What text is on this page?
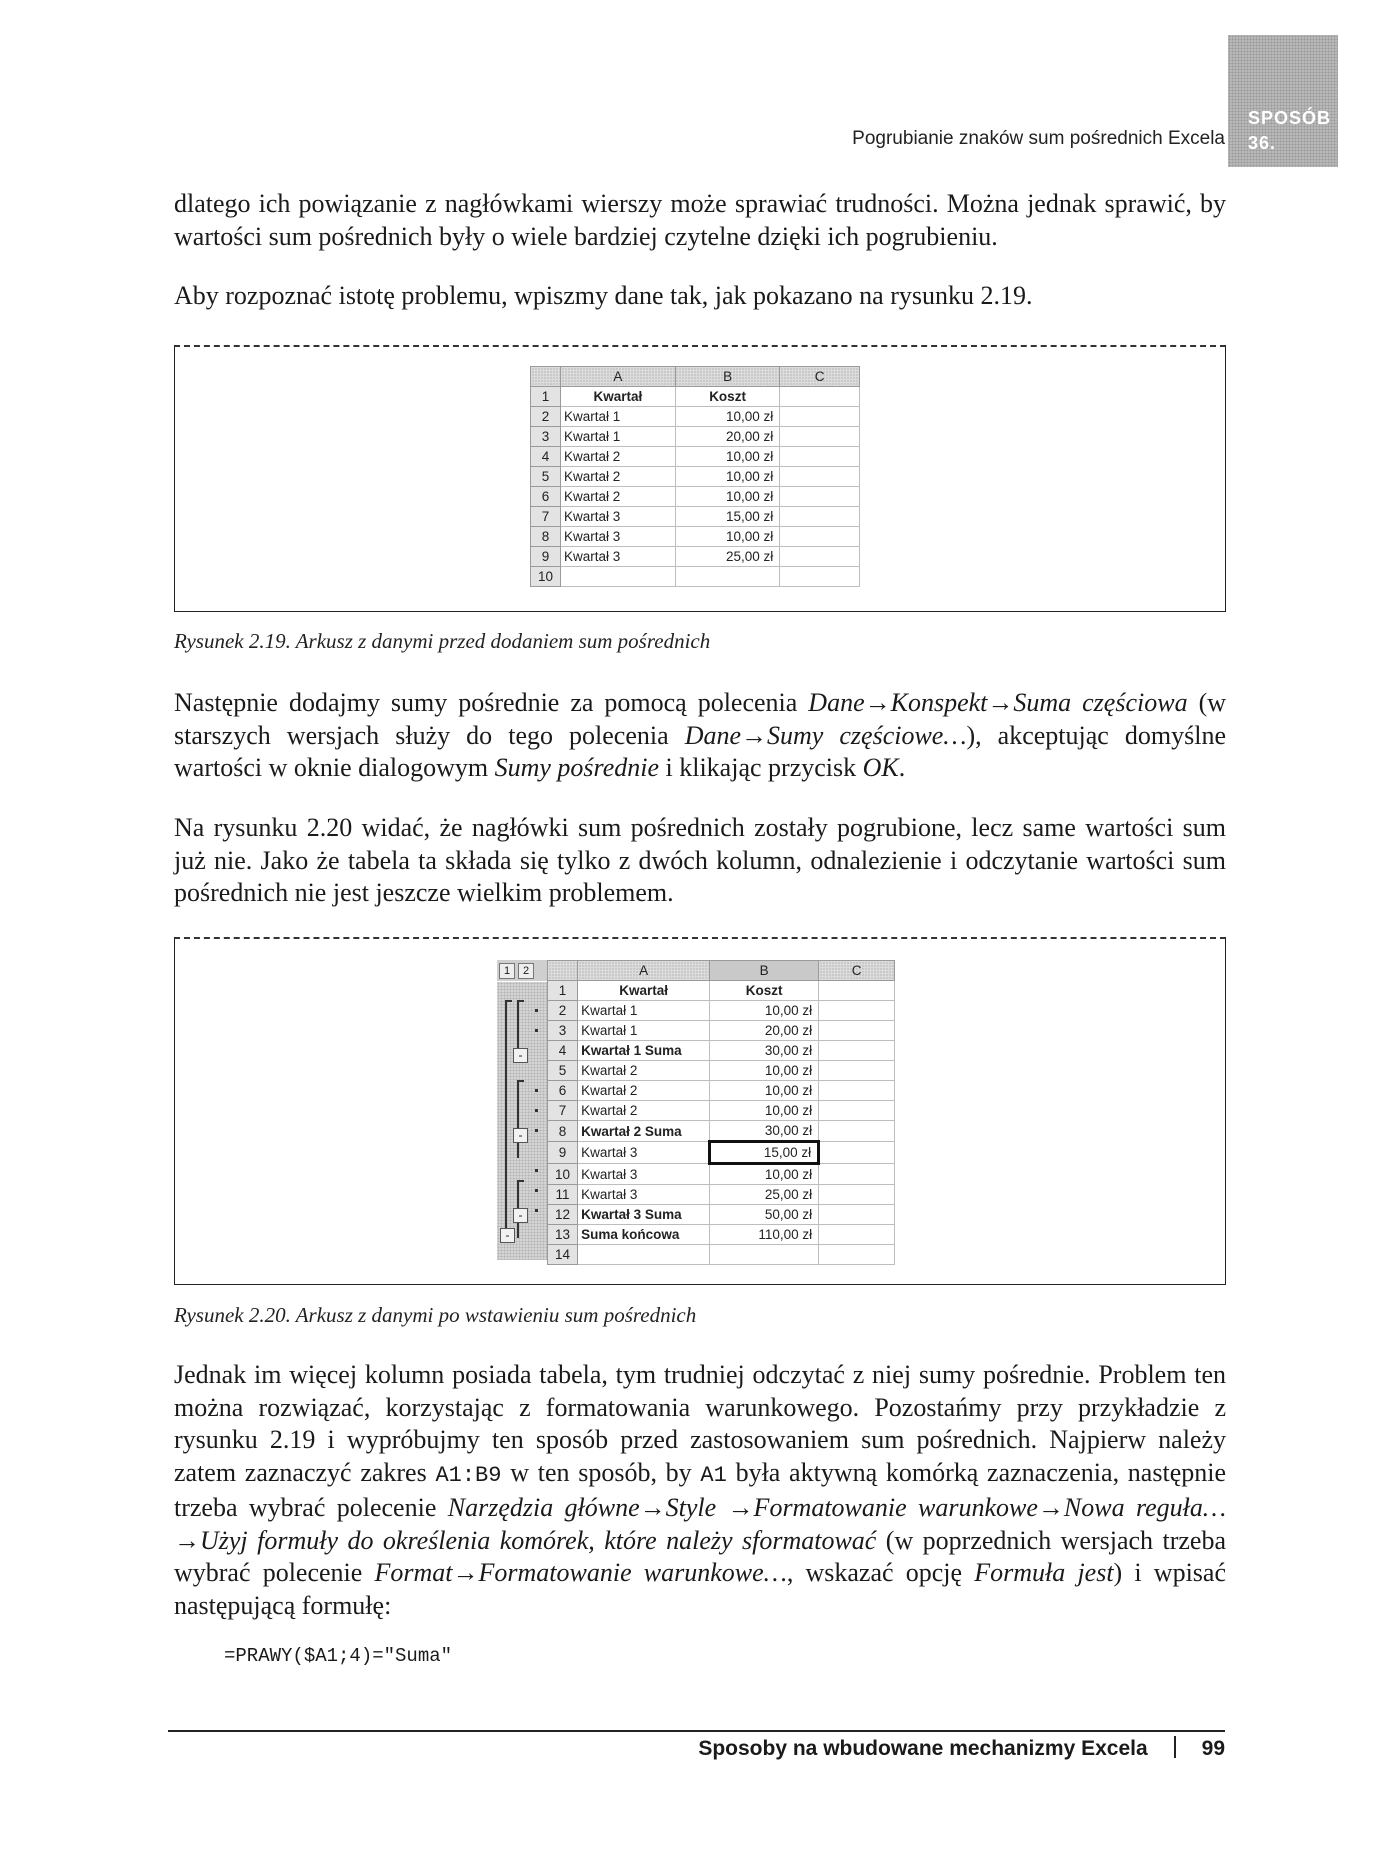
SPOSÓB
36.
Pogrubianie znaków sum pośrednich Excela

dlatego ich powiązanie z nagłówkami wierszy może sprawiać trudności. Można jednak sprawić, by wartości sum pośrednich były o wiele bardziej czytelne dzięki ich pogrubieniu.

Aby rozpoznać istotę problemu, wpiszmy dane tak, jak pokazano na rysunku 2.19.

	A	B	C
1	Kwartał	Koszt	
2	Kwartał 1	10,00 zł	
3	Kwartał 1	20,00 zł	
4	Kwartał 2	10,00 zł	
5	Kwartał 2	10,00 zł	
6	Kwartał 2	10,00 zł	
7	Kwartał 3	15,00 zł	
8	Kwartał 3	10,00 zł	
9	Kwartał 3	25,00 zł	
10			
Rysunek 2.19. Arkusz z danymi przed dodaniem sum pośrednich

Następnie dodajmy sumy pośrednie za pomocą polecenia Dane→Konspekt→Suma częściowa (w starszych wersjach służy do tego polecenia Dane→Sumy częściowe…), akceptując domyślne wartości w oknie dialogowym Sumy pośrednie i klikając przycisk OK.

Na rysunku 2.20 widać, że nagłówki sum pośrednich zostały pogrubione, lecz same wartości sum już nie. Jako że tabela ta składa się tylko z dwóch kolumn, odnalezienie i odczytanie wartości sum pośrednich nie jest jeszcze wielkim problemem.

1 2
-
-
-
-
	A	B	C
1	Kwartał	Koszt	
2	Kwartał 1	10,00 zł	
3	Kwartał 1	20,00 zł	
4	Kwartał 1 Suma	30,00 zł	
5	Kwartał 2	10,00 zł	
6	Kwartał 2	10,00 zł	
7	Kwartał 2	10,00 zł	
8	Kwartał 2 Suma	30,00 zł	
9	Kwartał 3	15,00 zł	
10	Kwartał 3	10,00 zł	
11	Kwartał 3	25,00 zł	
12	Kwartał 3 Suma	50,00 zł	
13	Suma końcowa	110,00 zł	
14			
Rysunek 2.20. Arkusz z danymi po wstawieniu sum pośrednich

Jednak im więcej kolumn posiada tabela, tym trudniej odczytać z niej sumy pośrednie. Problem ten można rozwiązać, korzystając z formatowania warunkowego. Pozostańmy przy przykładzie z rysunku 2.19 i wypróbujmy ten sposób przed zastosowaniem sum pośrednich. Najpierw należy zatem zaznaczyć zakres A1:B9 w ten sposób, by A1 była aktywną komórką zaznaczenia, następnie trzeba wybrać polecenie Narzędzia główne→Style →Formatowanie warunkowe→Nowa reguła…→Użyj formuły do określenia komórek, które należy sformatować (w poprzednich wersjach trzeba wybrać polecenie Format→Formatowanie warunkowe…, wskazać opcję Formuła jest) i wpisać następującą formułę:

=PRAWY($A1;4)="Suma"
Sposoby na wbudowane mechanizmy Excela	99
